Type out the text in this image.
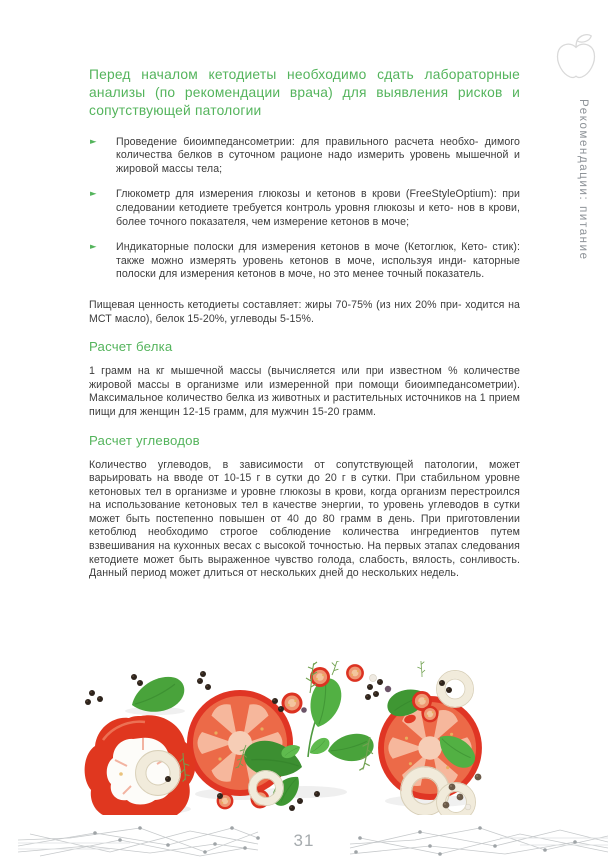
Рекомендации: питание
Перед началом кетодиеты необходимо сдать лабораторные анализы (по рекомендации врача) для выявления рисков и сопутствующей патологии
►	Проведение биоимпедансометрии: для правильного расчета необхо- димого количества белков в суточном рационе надо измерить уровень мышечной и жировой массы тела;
►	Глюкометр для измерения глюкозы и кетонов в крови (FreeStyleOptium): при следовании кетодиете требуется контроль уровня глюкозы и кето- нов в крови, более точного показателя, чем измерение кетонов в моче;
►	Индикаторные полоски для измерения кетонов в моче (Кетоглюк, Кето- стик): также можно измерять уровень кетонов в моче, используя инди- каторные полоски для измерения кетонов в моче, но это менее точный показатель.

Пищевая ценность кетодиеты составляет: жиры 70-75% (из них 20% при- ходится на МСТ масло), белок 15-20%, углеводы 5-15%.

Расчет белка

1 грамм на кг мышечной массы (вычисляется или при известном % количестве жировой массы в организме или измеренной при помощи биоимпедансометрии). Максимальное количество белка из животных и растительных источников на 1 прием пищи для женщин 12-15 грамм, для мужчин 15-20 грамм.

Расчет углеводов

Количество углеводов, в зависимости от сопутствующей патологии, может варьировать на вводе от 10-15 г в сутки до 20 г в сутки. При стабильном уровне кетоновых тел в организме и уровне глюкозы в крови, когда организм перестроился на использование кетоновых тел в качестве энергии, то уровень углеводов в сутки может быть постепенно повышен от 40 до 80 грамм в день. При приготовлении кетоблюд необходимо строгое соблюдение количества ингредиентов путем взвешивания на кухонных весах с высокой точностью. На первых этапах следования кетодиете может быть выраженное чувство голода, слабость, вялость, сонливость. Данный период может длиться от нескольких дней до нескольких недель.

31
